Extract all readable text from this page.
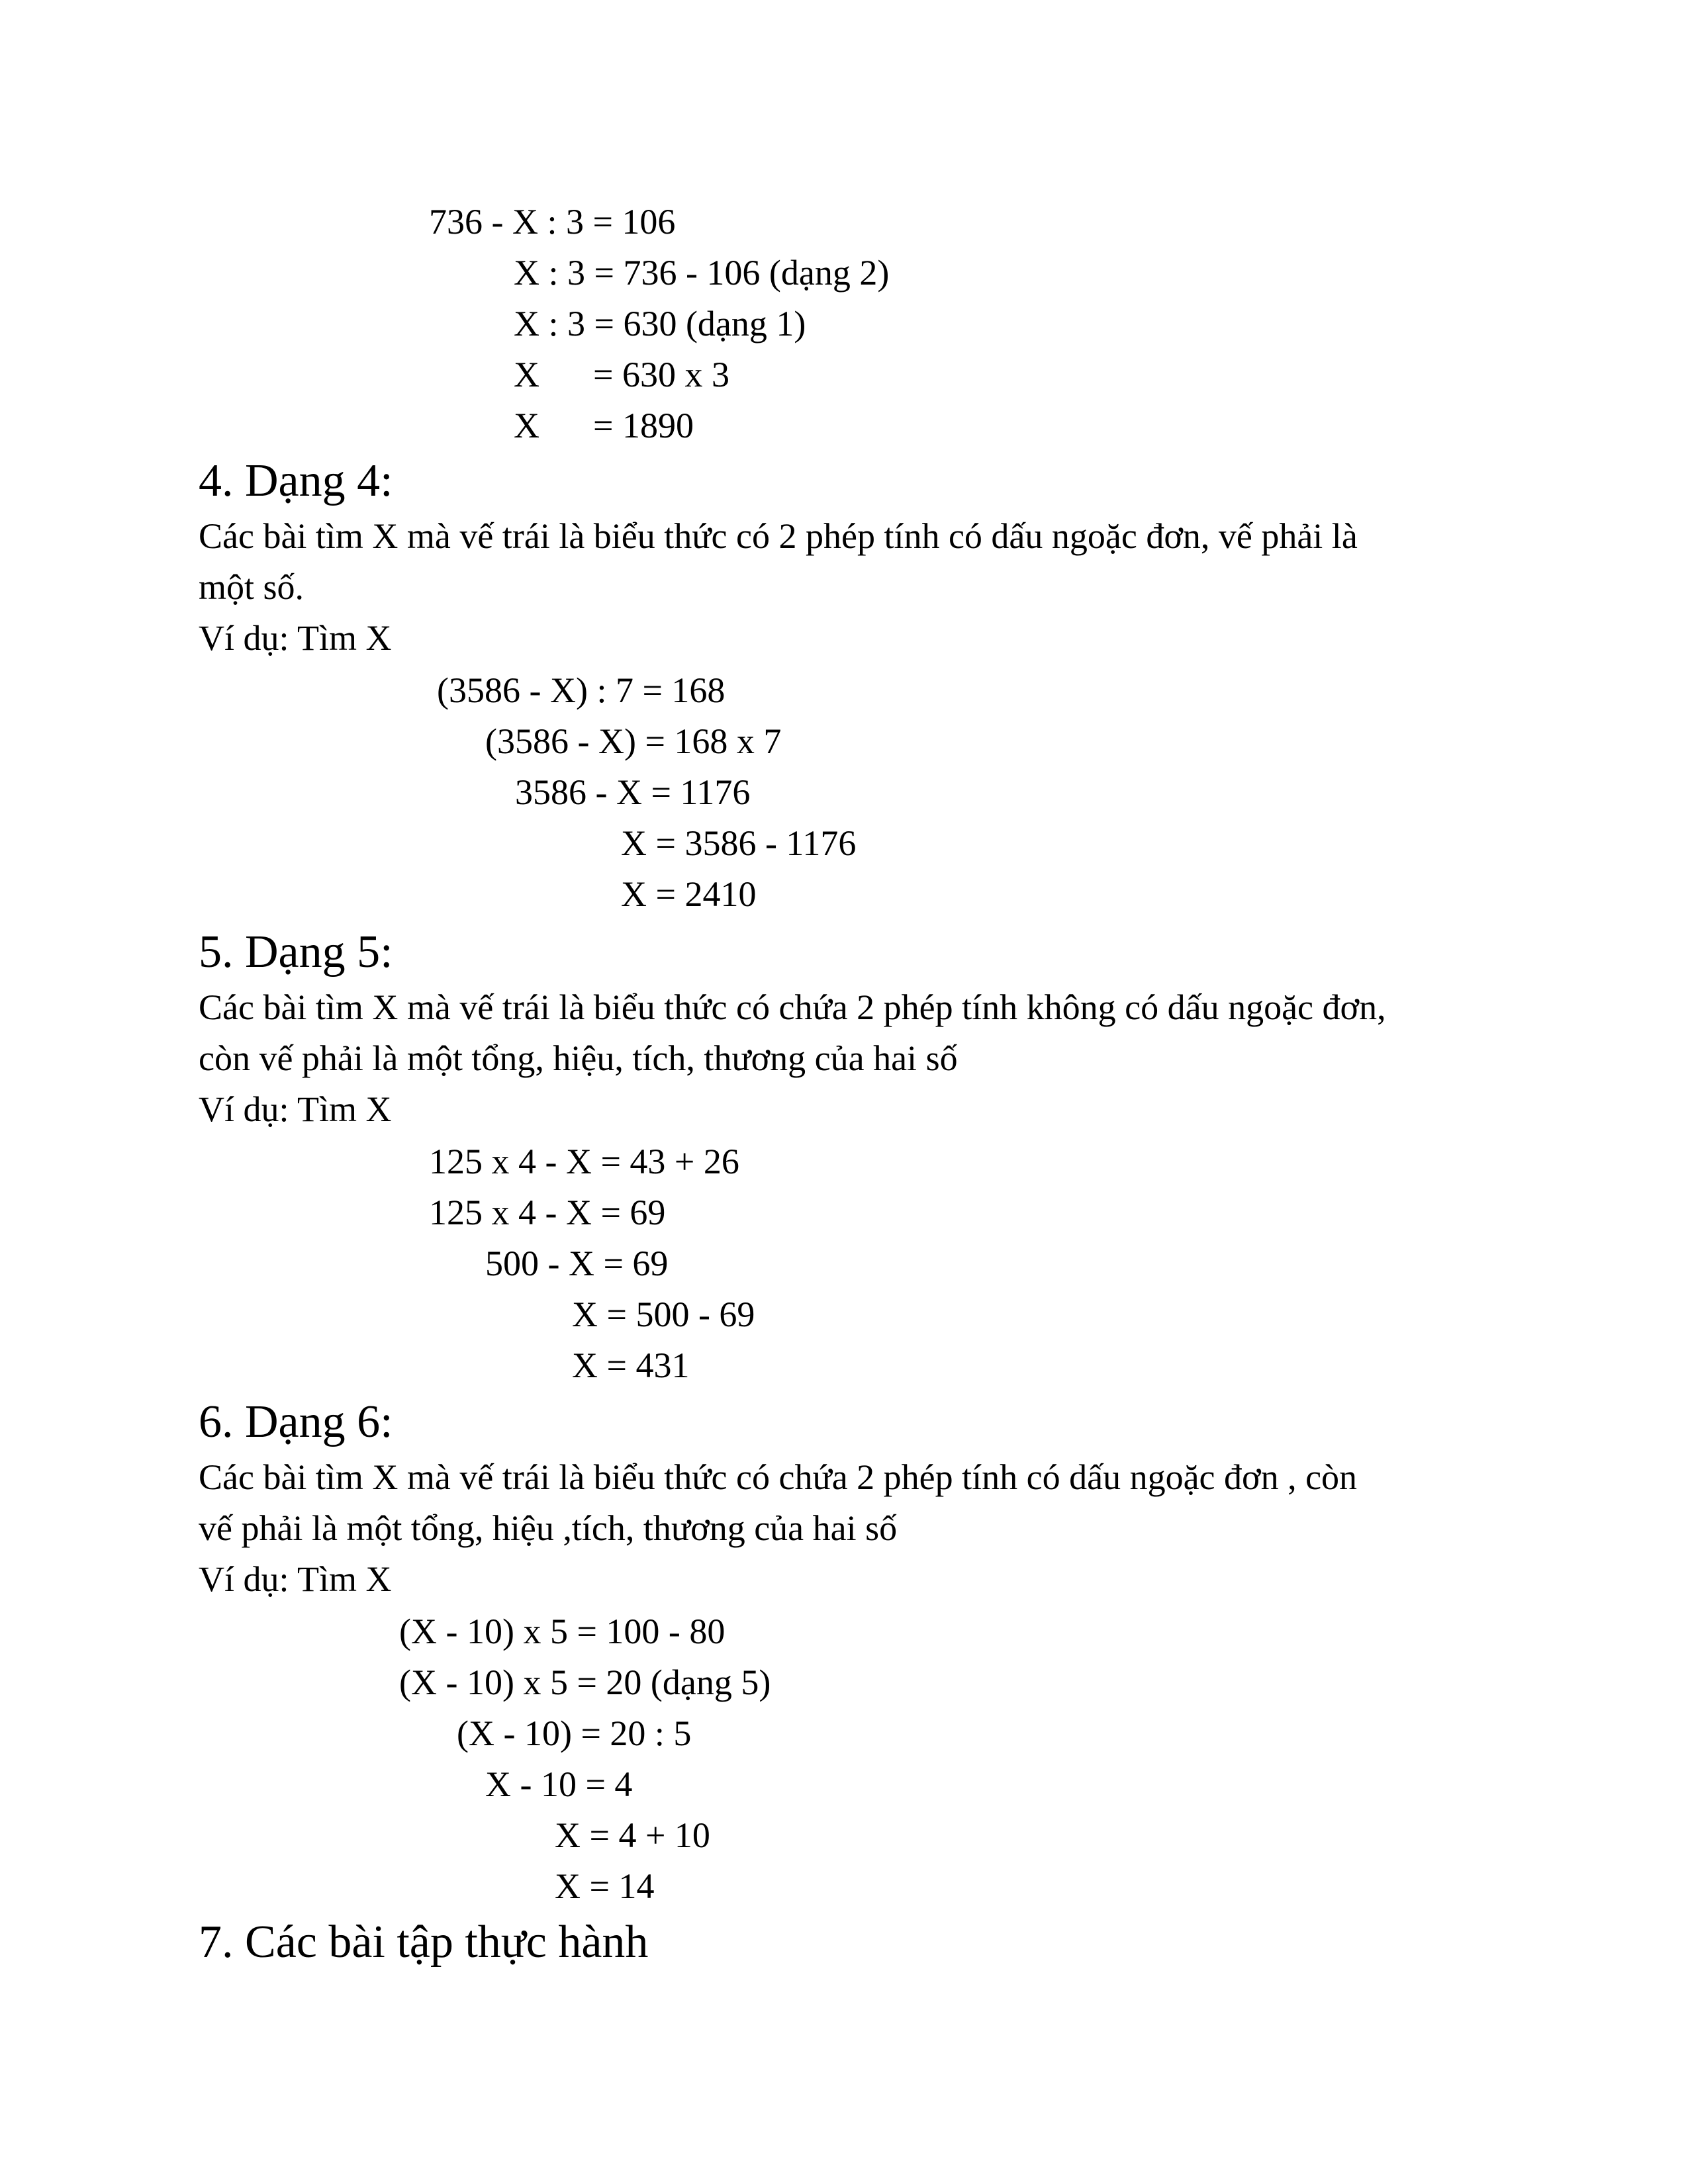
736 - X : 3 = 106
X : 3 = 736 - 106 (dạng 2)
X : 3 = 630 (dạng 1)
X      = 630 x 3
X      = 1890
4. Dạng 4:
Các bài tìm X mà vế trái là biểu thức có 2 phép tính có dấu ngoặc đơn, vế phải là
một số.
Ví dụ: Tìm X
(3586 - X) : 7 = 168
(3586 - X) = 168 x 7
3586 - X = 1176
X = 3586 - 1176
X = 2410
5. Dạng 5:
Các bài tìm X mà vế trái là biểu thức có chứa 2 phép tính không có dấu ngoặc đơn,
còn vế phải là một tổng, hiệu, tích, thương của hai số
Ví dụ: Tìm X
125 x 4 - X = 43 + 26
125 x 4 - X = 69
500 - X = 69
X = 500 - 69
X = 431
6. Dạng 6:
Các bài tìm X mà vế trái là biểu thức có chứa 2 phép tính có dấu ngoặc đơn , còn
vế phải là một tổng, hiệu ,tích, thương của hai số
Ví dụ: Tìm X
(X - 10) x 5 = 100 - 80
(X - 10) x 5 = 20 (dạng 5)
(X - 10) = 20 : 5
X - 10 = 4
X = 4 + 10
X = 14
7. Các bài tập thực hành
